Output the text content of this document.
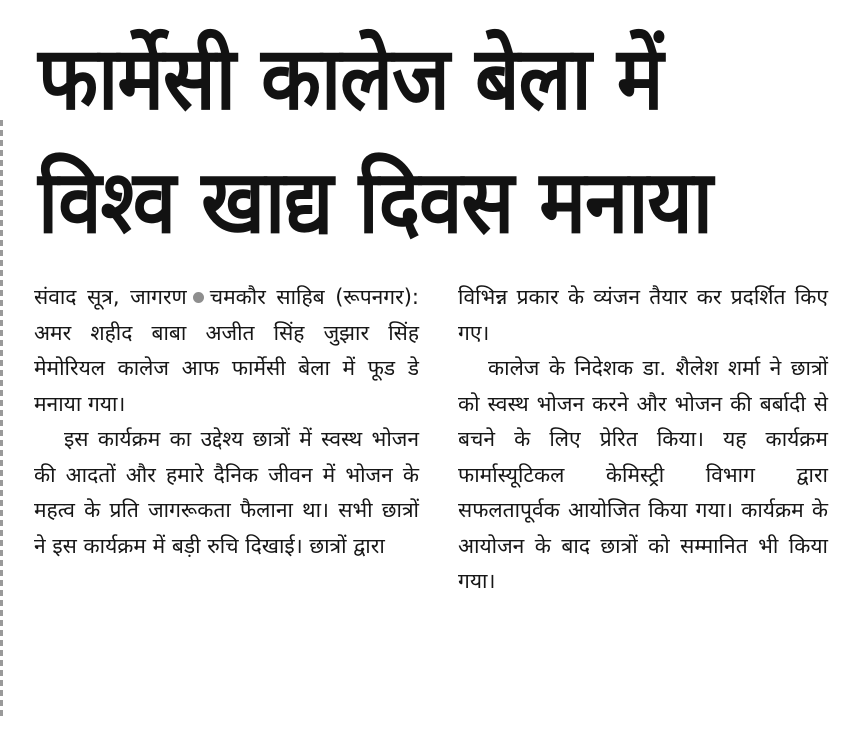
फार्मेसी कालेज बेला में
विश्व खाद्य दिवस मनाया

संवाद सूत्र, जागरण चमकौर साहिब (रूपनगर): अमर शहीद बाबा अजीत सिंह जुझार सिंह मेमोरियल कालेज आफ फार्मेसी बेला में फूड डे मनाया गया।

इस कार्यक्रम का उद्देश्य छात्रों में स्वस्थ भोजन की आदतों और हमारे दैनिक जीवन में भोजन के महत्व के प्रति जागरूकता फैलाना था। सभी छात्रों ने इस कार्यक्रम में बड़ी रुचि दिखाई। छात्रों द्वारा

विभिन्न प्रकार के व्यंजन तैयार कर प्रदर्शित किए गए।

कालेज के निदेशक डा. शैलेश शर्मा ने छात्रों को स्वस्थ भोजन करने और भोजन की बर्बादी से बचने के लिए प्रेरित किया। यह कार्यक्रम फार्मास्यूटिकल केमिस्ट्री विभाग द्वारा सफलतापूर्वक आयोजित किया गया। कार्यक्रम के आयोजन के बाद छात्रों को सम्मानित भी किया गया।
